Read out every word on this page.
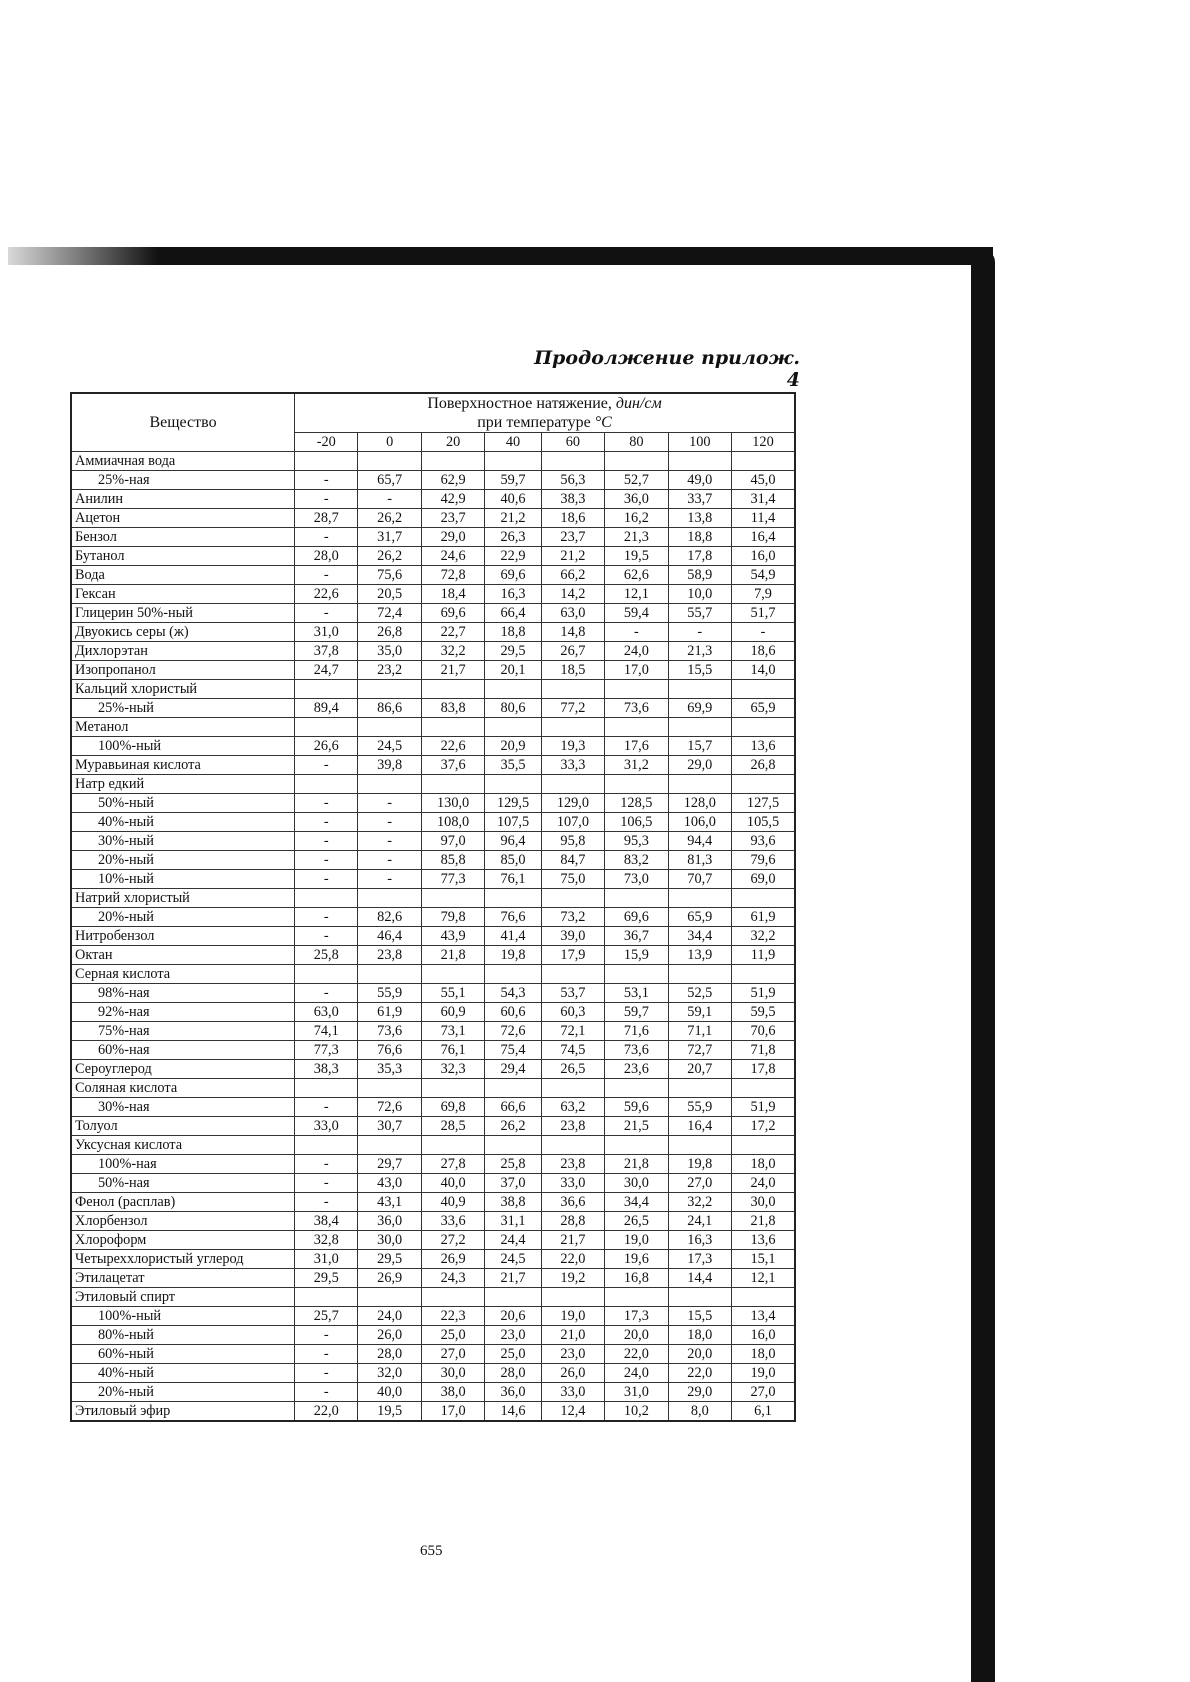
Продолжение прилож. 4
Вещество	Поверхностное натяжение, дин/см
при температуре °C							
	-20	0	20	40	60	80	100	120
Аммиачная вода								
25%-ная	-	65,7	62,9	59,7	56,3	52,7	49,0	45,0
Анилин	-	-	42,9	40,6	38,3	36,0	33,7	31,4
Ацетон	28,7	26,2	23,7	21,2	18,6	16,2	13,8	11,4
Бензол	-	31,7	29,0	26,3	23,7	21,3	18,8	16,4
Бутанол	28,0	26,2	24,6	22,9	21,2	19,5	17,8	16,0
Вода	-	75,6	72,8	69,6	66,2	62,6	58,9	54,9
Гексан	22,6	20,5	18,4	16,3	14,2	12,1	10,0	7,9
Глицерин 50%-ный	-	72,4	69,6	66,4	63,0	59,4	55,7	51,7
Двуокись серы (ж)	31,0	26,8	22,7	18,8	14,8	-	-	-
Дихлорэтан	37,8	35,0	32,2	29,5	26,7	24,0	21,3	18,6
Изопропанол	24,7	23,2	21,7	20,1	18,5	17,0	15,5	14,0
Кальций хлористый								
25%-ный	89,4	86,6	83,8	80,6	77,2	73,6	69,9	65,9
Метанол								
100%-ный	26,6	24,5	22,6	20,9	19,3	17,6	15,7	13,6
Муравьиная кислота	-	39,8	37,6	35,5	33,3	31,2	29,0	26,8
Натр едкий								
50%-ный	-	-	130,0	129,5	129,0	128,5	128,0	127,5
40%-ный	-	-	108,0	107,5	107,0	106,5	106,0	105,5
30%-ный	-	-	97,0	96,4	95,8	95,3	94,4	93,6
20%-ный	-	-	85,8	85,0	84,7	83,2	81,3	79,6
10%-ный	-	-	77,3	76,1	75,0	73,0	70,7	69,0
Натрий хлористый								
20%-ный	-	82,6	79,8	76,6	73,2	69,6	65,9	61,9
Нитробензол	-	46,4	43,9	41,4	39,0	36,7	34,4	32,2
Октан	25,8	23,8	21,8	19,8	17,9	15,9	13,9	11,9
Серная кислота								
98%-ная	-	55,9	55,1	54,3	53,7	53,1	52,5	51,9
92%-ная	63,0	61,9	60,9	60,6	60,3	59,7	59,1	59,5
75%-ная	74,1	73,6	73,1	72,6	72,1	71,6	71,1	70,6
60%-ная	77,3	76,6	76,1	75,4	74,5	73,6	72,7	71,8
Сероуглерод	38,3	35,3	32,3	29,4	26,5	23,6	20,7	17,8
Соляная кислота								
30%-ная	-	72,6	69,8	66,6	63,2	59,6	55,9	51,9
Толуол	33,0	30,7	28,5	26,2	23,8	21,5	16,4	17,2
Уксусная кислота								
100%-ная	-	29,7	27,8	25,8	23,8	21,8	19,8	18,0
50%-ная	-	43,0	40,0	37,0	33,0	30,0	27,0	24,0
Фенол (расплав)	-	43,1	40,9	38,8	36,6	34,4	32,2	30,0
Хлорбензол	38,4	36,0	33,6	31,1	28,8	26,5	24,1	21,8
Хлороформ	32,8	30,0	27,2	24,4	21,7	19,0	16,3	13,6
Четыреххлористый углерод	31,0	29,5	26,9	24,5	22,0	19,6	17,3	15,1
Этилацетат	29,5	26,9	24,3	21,7	19,2	16,8	14,4	12,1
Этиловый спирт								
100%-ный	25,7	24,0	22,3	20,6	19,0	17,3	15,5	13,4
80%-ный	-	26,0	25,0	23,0	21,0	20,0	18,0	16,0
60%-ный	-	28,0	27,0	25,0	23,0	22,0	20,0	18,0
40%-ный	-	32,0	30,0	28,0	26,0	24,0	22,0	19,0
20%-ный	-	40,0	38,0	36,0	33,0	31,0	29,0	27,0
Этиловый эфир	22,0	19,5	17,0	14,6	12,4	10,2	8,0	6,1
655
